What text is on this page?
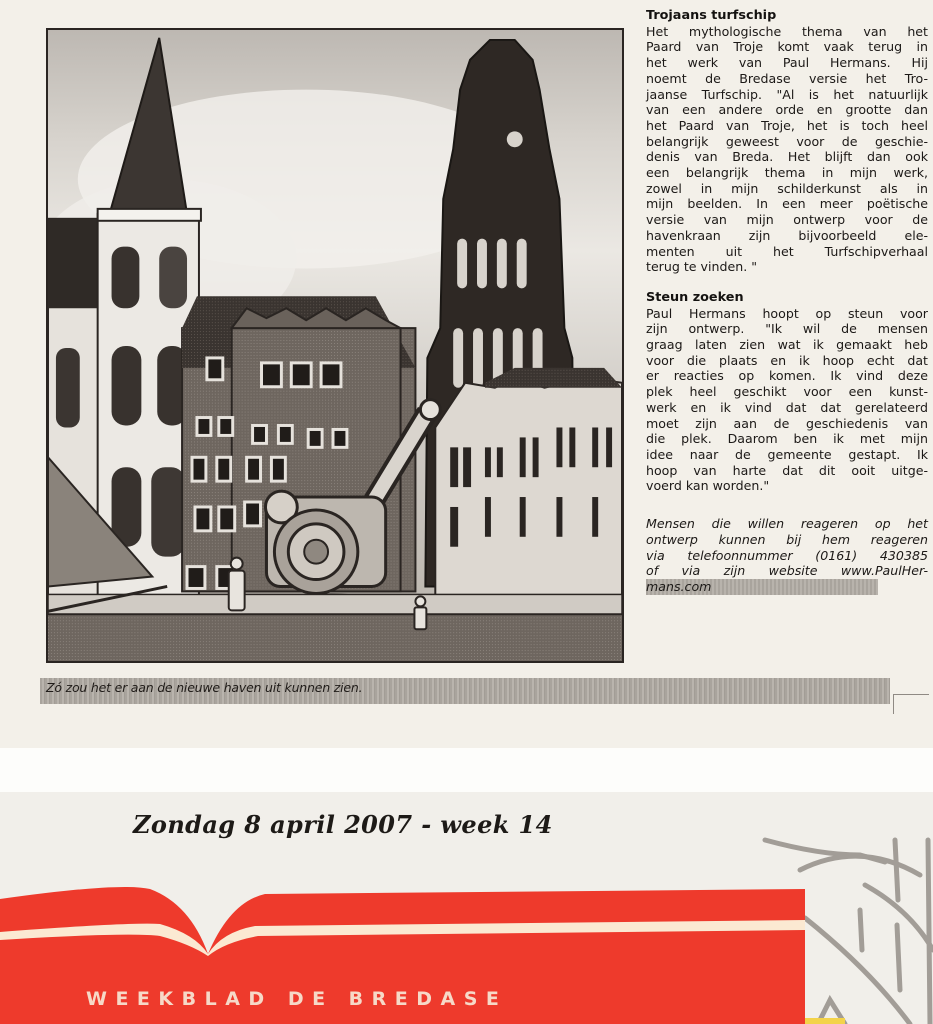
Zó zou het er aan de nieuwe haven uit kunnen zien.
Trojaans turfschip
Het mythologische thema van het
Paard van Troje komt vaak terug in
het werk van Paul Hermans. Hij
noemt de Bredase versie het Tro-
jaanse Turfschip. "Al is het natuurlijk
van een andere orde en grootte dan
het Paard van Troje, het is toch heel
belangrijk geweest voor de geschie-
denis van Breda. Het blijft dan ook
een belangrijk thema in mijn werk,
zowel in mijn schilderkunst als in
mijn beelden. In een meer poëtische
versie van mijn ontwerp voor de
havenkraan zijn bijvoorbeeld ele-
menten uit het Turfschipverhaal
terug te vinden. "
Steun zoeken
Paul Hermans hoopt op steun voor
zijn ontwerp. "Ik wil de mensen
graag laten zien wat ik gemaakt heb
voor die plaats en ik hoop echt dat
er reacties op komen. Ik vind deze
plek heel geschikt voor een kunst-
werk en ik vind dat dat gerelateerd
moet zijn aan de geschiedenis van
die plek. Daarom ben ik met mijn
idee naar de gemeente gestapt. Ik
hoop van harte dat dit ooit uitge-
voerd kan worden."
Mensen die willen reageren op het
ontwerp kunnen bij hem reageren
via telefoonnummer (0161) 430385
of via zijn website www.PaulHer-
mans.com
Zondag 8 april 2007 - week 14
WEEKBLAD DE BREDASE
